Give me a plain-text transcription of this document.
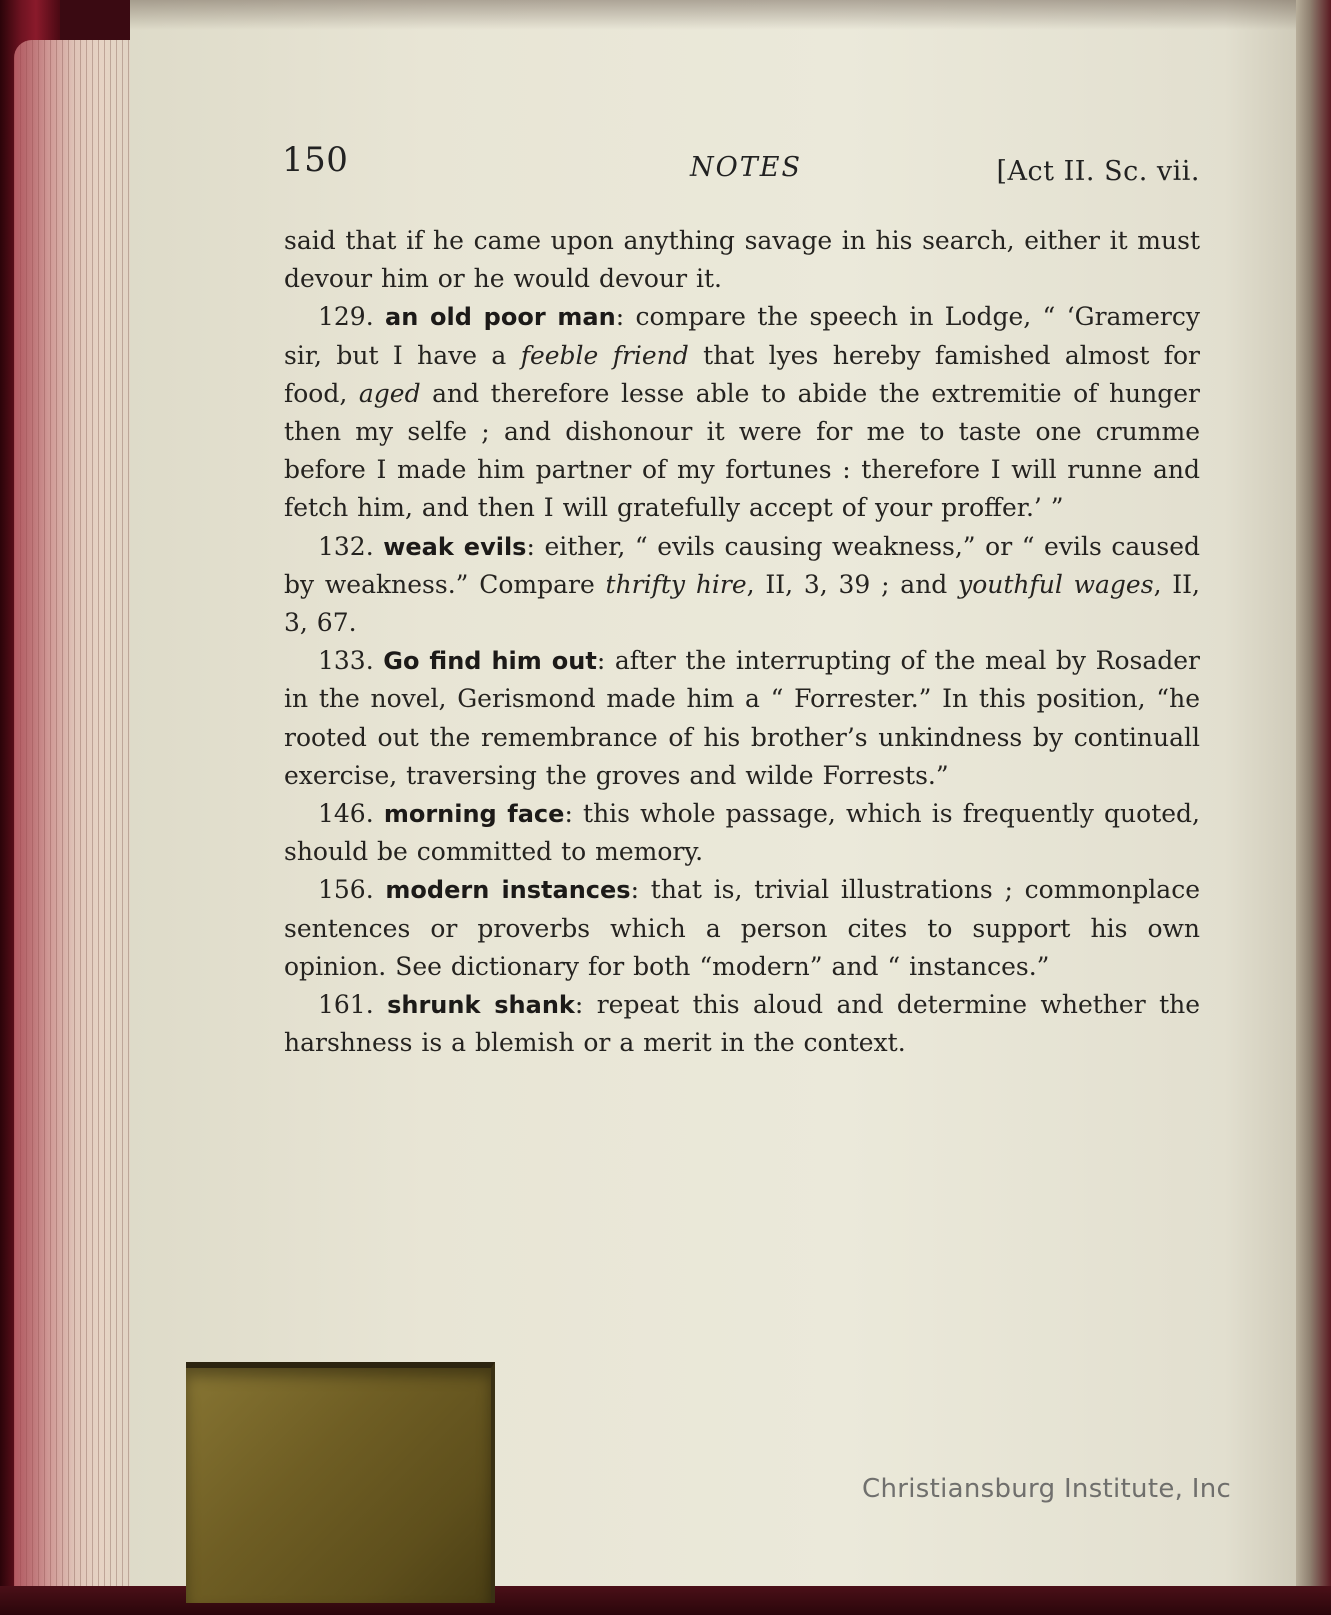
150	NOTES	[Act II. Sc. vii.

said that if he came upon anything savage in his search, either it must devour him or he would devour it.

129. an old poor man: compare the speech in Lodge, “ ‘Gramercy sir, but I have a feeble friend that lyes hereby famished almost for food, aged and therefore lesse able to abide the extremitie of hunger then my selfe ; and dishonour it were for me to taste one crumme before I made him partner of my fortunes : therefore I will runne and fetch him, and then I will gratefully accept of your proffer.’ ”

132. weak evils: either, “ evils causing weakness,” or “ evils caused by weakness.” Compare thrifty hire, II, 3, 39 ; and youthful wages, II, 3, 67.

133. Go find him out: after the interrupting of the meal by Rosader in the novel, Gerismond made him a “ Forrester.” In this position, “he rooted out the remembrance of his brother’s unkindness by continuall exercise, traversing the groves and wilde Forrests.”

146. morning face: this whole passage, which is frequently quoted, should be committed to memory.

156. modern instances: that is, trivial illustrations ; commonplace sentences or proverbs which a person cites to support his own opinion. See dictionary for both “modern” and “ instances.”

161. shrunk shank: repeat this aloud and determine whether the harshness is a blemish or a merit in the context.

Christiansburg Institute, Inc
